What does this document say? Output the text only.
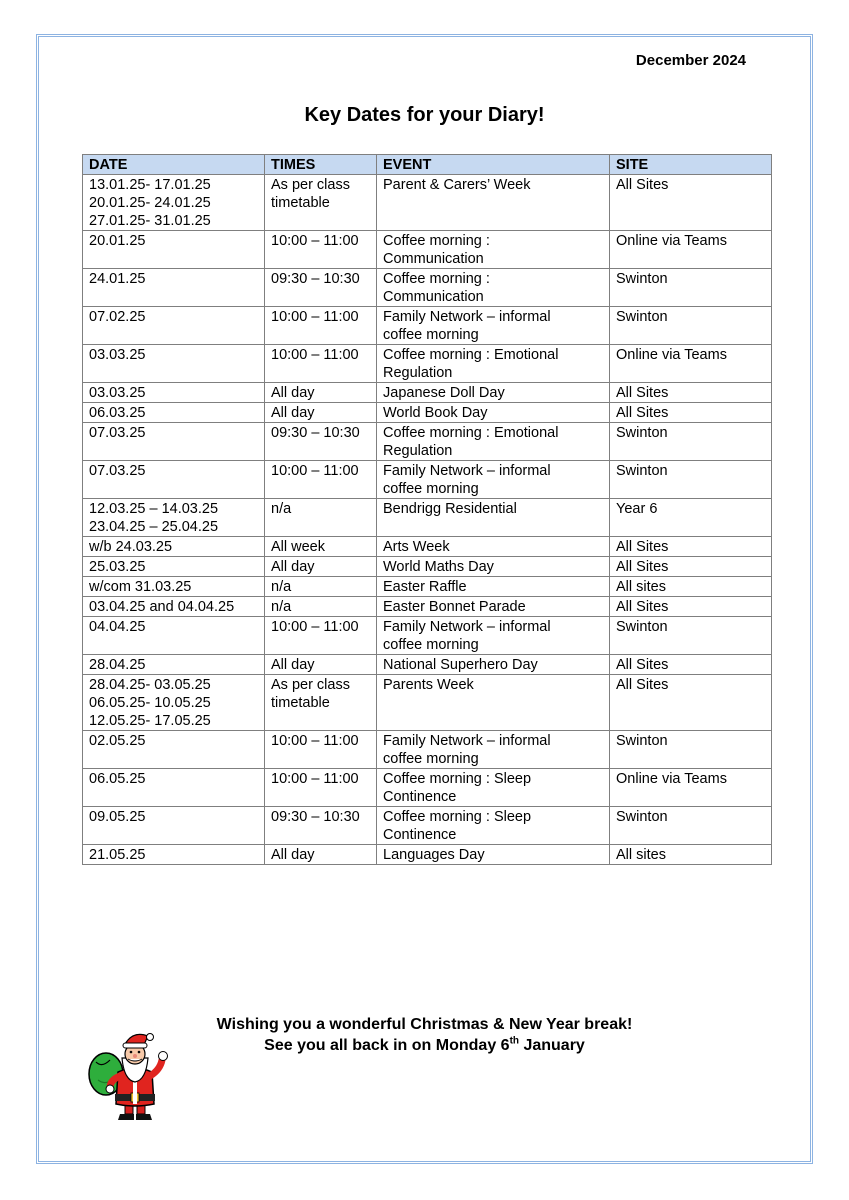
December 2024
Key Dates for your Diary!
DATE	TIMES	EVENT	SITE

13.01.25- 17.01.25
20.01.25- 24.01.25
27.01.25- 31.01.25	As per class
timetable	Parent & Carers’ Week	All Sites

20.01.25	10:00 – 11:00	Coffee morning :
Communication	Online via Teams

24.01.25	09:30 – 10:30	Coffee morning :
Communication	Swinton

07.02.25	10:00 – 11:00	Family Network – informal
coffee morning	Swinton

03.03.25	10:00 – 11:00	Coffee morning : Emotional
Regulation	Online via Teams

03.03.25	All day	Japanese Doll Day	All Sites

06.03.25	All day	World Book Day	All Sites

07.03.25	09:30 – 10:30	Coffee morning : Emotional
Regulation	Swinton

07.03.25	10:00 – 11:00	Family Network – informal
coffee morning	Swinton

12.03.25 – 14.03.25
23.04.25 – 25.04.25	n/a	Bendrigg Residential	Year 6

w/b 24.03.25	All week	Arts Week	All Sites

25.03.25	All day	World Maths Day	All Sites

w/com 31.03.25	n/a	Easter Raffle	All sites

03.04.25 and 04.04.25	n/a	Easter Bonnet Parade	All Sites

04.04.25	10:00 – 11:00	Family Network – informal
coffee morning	Swinton

28.04.25	All day	National Superhero Day	All Sites

28.04.25- 03.05.25
06.05.25- 10.05.25
12.05.25- 17.05.25	As per class
timetable	Parents Week	All Sites

02.05.25	10:00 – 11:00	Family Network – informal
coffee morning	Swinton

06.05.25	10:00 – 11:00	Coffee morning : Sleep
Continence	Online via Teams

09.05.25	09:30 – 10:30	Coffee morning : Sleep
Continence	Swinton

21.05.25	All day	Languages Day	All sites
Wishing you a wonderful Christmas & New Year break!
See you all back in on Monday 6th January
